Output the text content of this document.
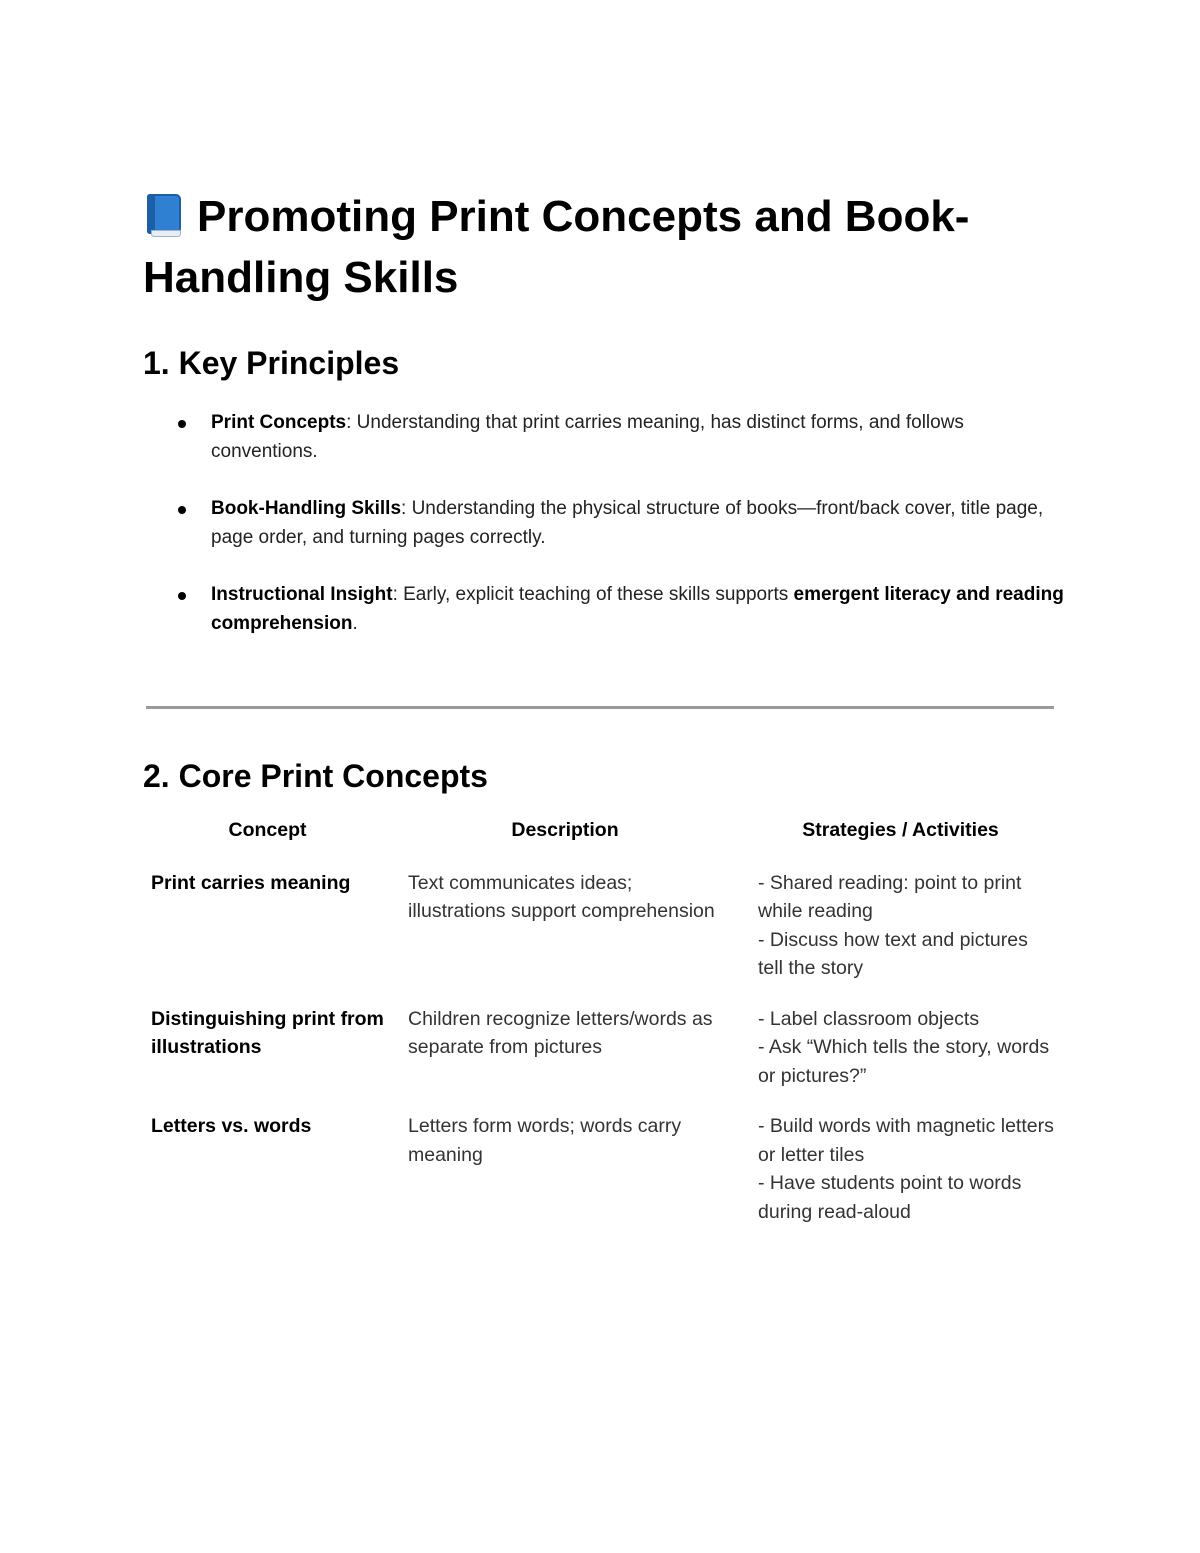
Promoting Print Concepts and Book-Handling Skills
1. Key Principles
Print Concepts: Understanding that print carries meaning, has distinct forms, and follows conventions.
Book-Handling Skills: Understanding the physical structure of books—front/back cover, title page, page order, and turning pages correctly.
Instructional Insight: Early, explicit teaching of these skills supports emergent literacy and reading comprehension.
2. Core Print Concepts
Concept	Description	Strategies / Activities
Print carries meaning	Text communicates ideas; illustrations support comprehension	- Shared reading: point to print while reading
- Discuss how text and pictures tell the story

Distinguishing print from illustrations	Children recognize letters/words as separate from pictures	- Label classroom objects
- Ask “Which tells the story, words or pictures?”

Letters vs. words	Letters form words; words carry meaning	- Build words with magnetic letters or letter tiles
- Have students point to words during read-aloud
